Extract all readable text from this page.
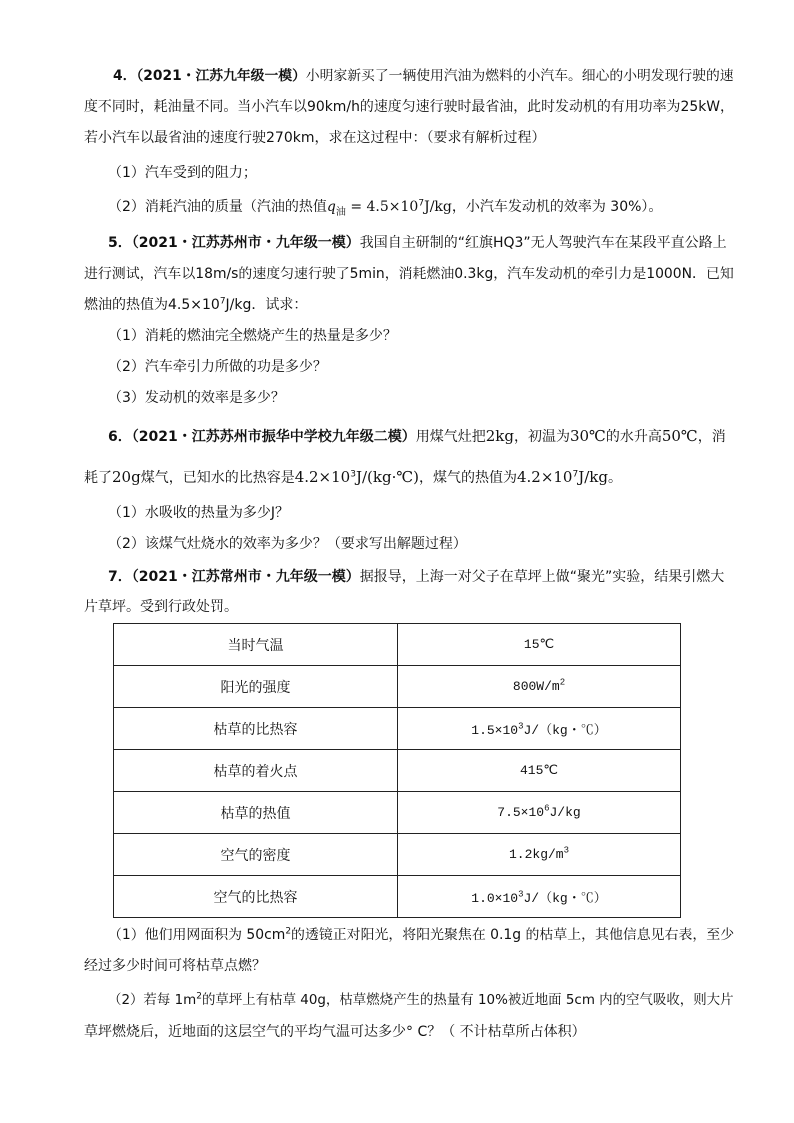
4．（2021・江苏九年级一模）小明家新买了一辆使用汽油为燃料的小汽车。细心的小明发现行驶的速
度不同时，耗油量不同。当小汽车以90km/h的速度匀速行驶时最省油，此时发动机的有用功率为25kW，
若小汽车以最省油的速度行驶270km，求在这过程中：（要求有解析过程）
（1）汽车受到的阻力；
（2）消耗汽油的质量（汽油的热值$q_油 = 4.5\times 10^7J/kg$，小汽车发动机的效率为 30%）。
5．（2021・江苏苏州市・九年级一模）我国自主研制的“红旗HQ3”无人驾驶汽车在某段平直公路上
进行测试，汽车以18m/s的速度匀速行驶了5min，消耗燃油0.3kg，汽车发动机的牵引力是1000N．已知
燃油的热值为$4.5\times 10^7J/kg$．试求：
（1）消耗的燃油完全燃烧产生的热量是多少？
（2）汽车牵引力所做的功是多少？
（3）发动机的效率是多少？
6．（2021・江苏苏州市振华中学校九年级二模）用煤气灶把2kg，初温为30℃的水升高50℃，消
耗了20g煤气，已知水的比热容是$4.2\times 10^3J/(kg\cdot℃)$，煤气的热值为$4.2\times 10^7J/kg$。
（1）水吸收的热量为多少J？
（2）该煤气灶烧水的效率为多少？（要求写出解题过程）
7．（2021・江苏常州市・九年级一模）据报导，上海一对父子在草坪上做“聚光”实验，结果引燃大
片草坪。受到行政处罚。
当时气温	15℃
阳光的强度	$800W/m^2$
枯草的比热容	$1.5\times 10^3J/(kg$・℃）
枯草的着火点	415℃
枯草的热值	$7.5\times 10^6J/kg$
空气的密度	$1.2kg/m^3$
空气的比热容	$1.0\times 10^3J/(kg$・℃）
（1）他们用网面积为 $50cm^2$的透镜正对阳光，将阳光聚焦在 0.1g 的枯草上，其他信息见右表，至少
经过多少时间可将枯草点燃？
（2）若每 $1m^2$的草坪上有枯草 40g，枯草燃烧产生的热量有 10%被近地面 5cm 内的空气吸收，则大片
草坪燃烧后，近地面的这层空气的平均气温可达多少° C？（ 不计枯草所占体积）
